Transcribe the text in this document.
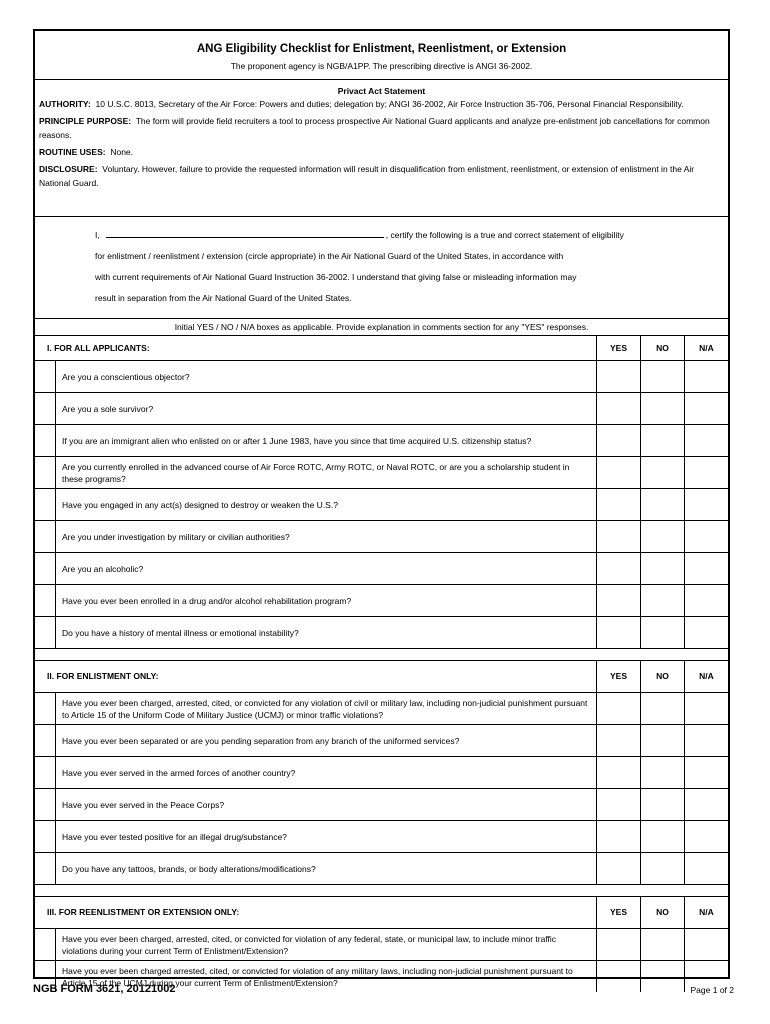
ANG Eligibility Checklist for Enlistment, Reenlistment, or Extension
The proponent agency is NGB/A1PP. The prescribing directive is ANGI 36-2002.
Privact Act Statement

AUTHORITY: 10 U.S.C. 8013, Secretary of the Air Force: Powers and duties; delegation by; ANGI 36-2002, Air Force Instruction 35-706, Personal Financial Responsibility.

PRINCIPLE PURPOSE: The form will provide field recruiters a tool to process prospective Air National Guard applicants and analyze pre-enlistment job cancellations for common reasons.

ROUTINE USES: None.

DISCLOSURE: Voluntary. However, failure to provide the requested information will result in disqualification from enlistment, reenlistment, or extension of enlistment in the Air National Guard.

I,	, certify the following is a true and correct statement of eligibility
for enlistment / reenlistment / extension (circle appropriate) in the Air National Guard of the United States, in accordance with
with current requirements of Air National Guard Instruction 36-2002. I understand that giving false or misleading information may
result in separation from the Air National Guard of the United States.
Initial YES / NO / N/A boxes as applicable. Provide explanation in comments section for any "YES" responses.
I. FOR ALL APPLICANTS:	YES	NO	N/A
Are you a conscientious objector?
Are you a sole survivor?
If you are an immigrant alien who enlisted on or after 1 June 1983, have you since that time acquired U.S. citizenship status?
Are you currently enrolled in the advanced course of Air Force ROTC, Army ROTC, or Naval ROTC, or are you a scholarship student in these programs?
Have you engaged in any act(s) designed to destroy or weaken the U.S.?
Are you under investigation by military or civilian authorities?
Are you an alcoholic?
Have you ever been enrolled in a drug and/or alcohol rehabilitation program?
Do you have a history of mental illness or emotional instability?
II. FOR ENLISTMENT ONLY:	YES	NO	N/A
Have you ever been charged, arrested, cited, or convicted for any violation of civil or military law, including non-judicial punishment pursuant to Article 15 of the Uniform Code of Military Justice (UCMJ) or minor traffic violations?
Have you ever been separated or are you pending separation from any branch of the uniformed services?
Have you ever served in the armed forces of another country?
Have you ever served in the Peace Corps?
Have you ever tested positive for an illegal drug/substance?
Do you have any tattoos, brands, or body alterations/modifications?
III. FOR REENLISTMENT OR EXTENSION ONLY:	YES	NO	N/A
Have you ever been charged, arrested, cited, or convicted for violation of any federal, state, or municipal law, to include minor traffic violations during your current Term of Enlistment/Extension?
Have you ever been charged arrested, cited, or convicted for violation of any military laws, including non-judicial punishment pursuant to Article 15 of the UCMJ during your current Term of Enlistment/Extension?
NGB FORM 3621, 20121002	Page 1 of 2
